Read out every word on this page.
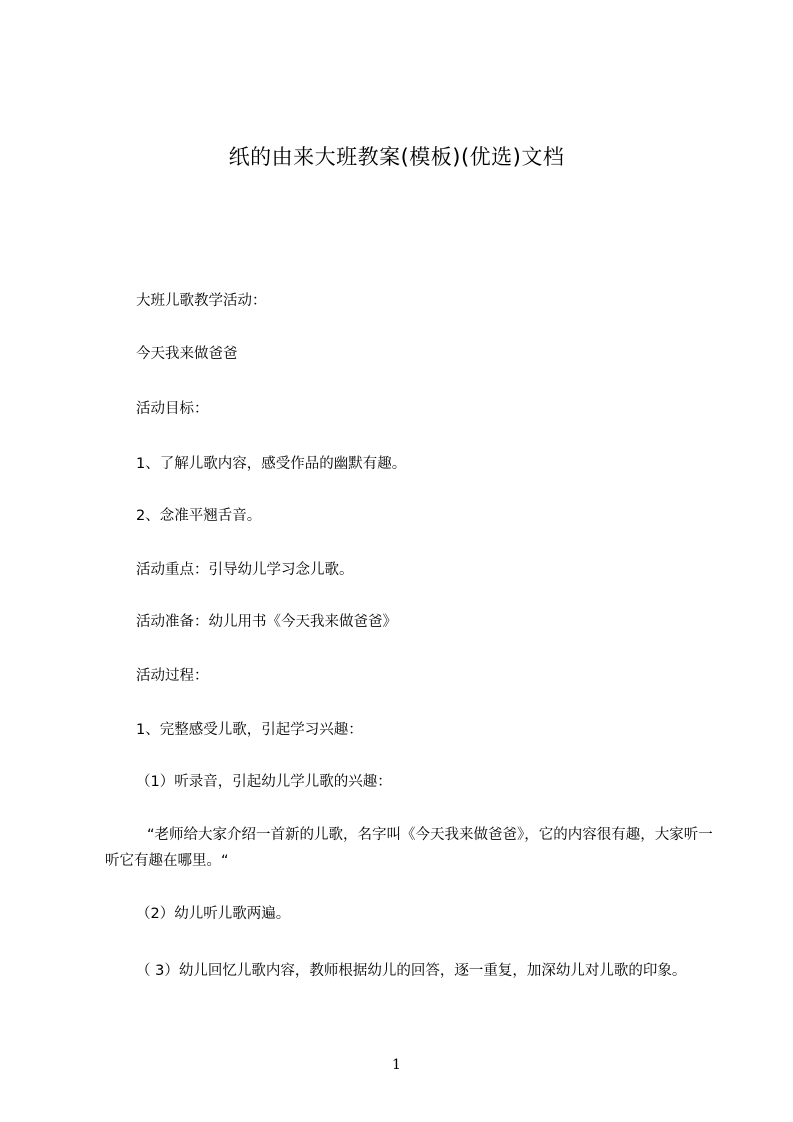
纸的由来大班教案(模板)(优选)文档
大班儿歌教学活动：
今天我来做爸爸
活动目标：
1、了解儿歌内容，感受作品的幽默有趣。
2、念准平翘舌音。
活动重点：引导幼儿学习念儿歌。
活动准备：幼儿用书《今天我来做爸爸》
活动过程：
1、完整感受儿歌，引起学习兴趣：
（1）听录音，引起幼儿学儿歌的兴趣：
“老师给大家介绍一首新的儿歌，名字叫《今天我来做爸爸》，它的内容很有趣，大家听一听它有趣在哪里。“
（2）幼儿听儿歌两遍。
（ 3）幼儿回忆儿歌内容，教师根据幼儿的回答，逐一重复，加深幼儿对儿歌的印象。
1
